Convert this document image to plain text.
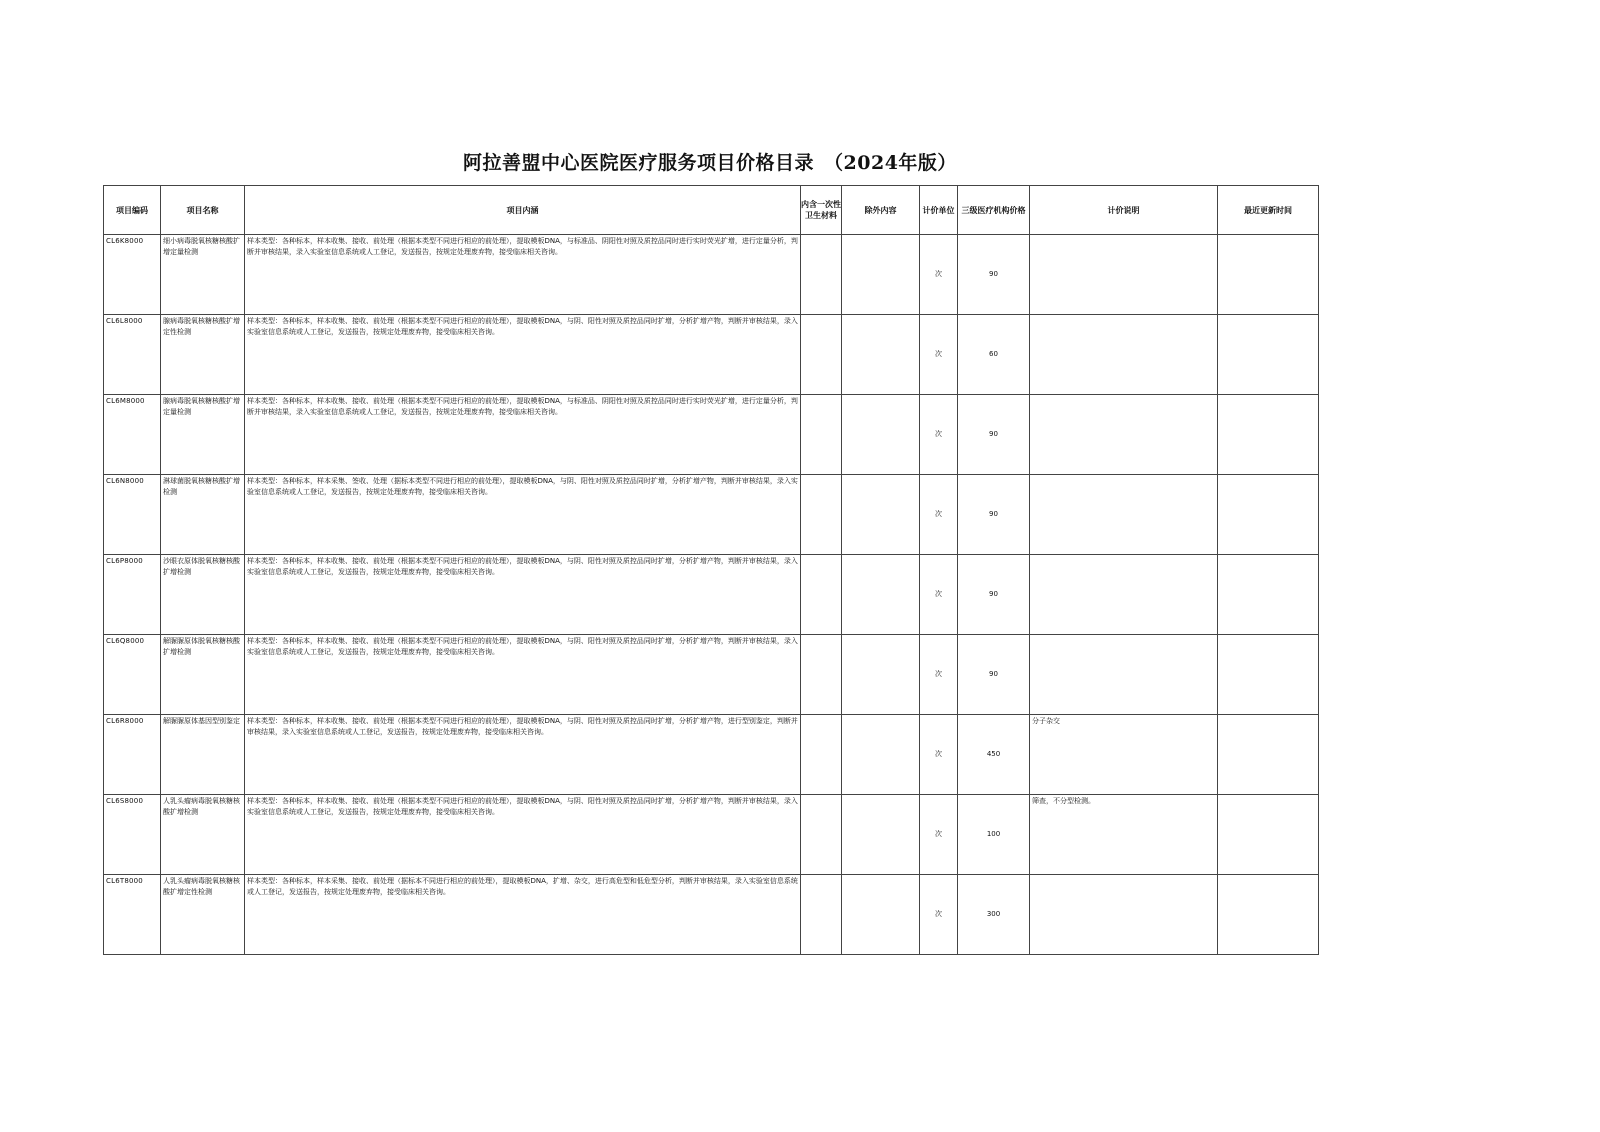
阿拉善盟中心医院医疗服务项目价格目录　（2024年版）
项目编码	项目名称	项目内涵	内含一次性卫生材料	除外内容	计价单位	三级医疗机构价格	计价说明	最近更新时间
CL6K8000	细小病毒脱氧核糖核酸扩增定量检测	样本类型：各种标本，样本收集、接收、前处理（根据本类型不同进行相应的前处理），提取模板DNA，与标准品、阴阳性对照及质控品同时进行实时荧光扩增，进行定量分析，判断并审核结果，录入实验室信息系统或人工登记，发送报告，按规定处理废弃物，接受临床相关咨询。			次	90		
CL6L8000	腺病毒脱氧核糖核酸扩增定性检测	样本类型：各种标本，样本收集、接收、前处理（根据本类型不同进行相应的前处理），提取模板DNA，与阴、阳性对照及质控品同时扩增，分析扩增产物，判断并审核结果，录入实验室信息系统或人工登记，发送报告，按规定处理废弃物，接受临床相关咨询。			次	60		
CL6M8000	腺病毒脱氧核糖核酸扩增定量检测	样本类型：各种标本，样本收集、接收、前处理（根据本类型不同进行相应的前处理），提取模板DNA，与标准品、阴阳性对照及质控品同时进行实时荧光扩增，进行定量分析，判断并审核结果，录入实验室信息系统或人工登记，发送报告，按规定处理废弃物，接受临床相关咨询。			次	90		
CL6N8000	淋球菌脱氧核糖核酸扩增检测	样本类型：各种标本，样本采集、签收、处理（据标本类型不同进行相应的前处理），提取模板DNA，与阴、阳性对照及质控品同时扩增，分析扩增产物，判断并审核结果，录入实验室信息系统或人工登记，发送报告，按规定处理废弃物，接受临床相关咨询。			次	90		
CL6P8000	沙眼衣原体脱氧核糖核酸扩增检测	样本类型：各种标本，样本收集、接收、前处理（根据本类型不同进行相应的前处理），提取模板DNA，与阴、阳性对照及质控品同时扩增，分析扩增产物，判断并审核结果，录入实验室信息系统或人工登记，发送报告，按规定处理废弃物，接受临床相关咨询。			次	90		
CL6Q8000	解脲脲原体脱氧核糖核酸扩增检测	样本类型：各种标本，样本收集、接收、前处理（根据本类型不同进行相应的前处理），提取模板DNA，与阴、阳性对照及质控品同时扩增，分析扩增产物，判断并审核结果，录入实验室信息系统或人工登记，发送报告，按规定处理废弃物，接受临床相关咨询。			次	90		
CL6R8000	解脲脲原体基因型别鉴定	样本类型：各种标本，样本收集、接收、前处理（根据本类型不同进行相应的前处理），提取模板DNA，与阴、阳性对照及质控品同时扩增，分析扩增产物，进行型别鉴定，判断并审核结果，录入实验室信息系统或人工登记，发送报告，按规定处理废弃物，接受临床相关咨询。			次	450	分子杂交	
CL6S8000	人乳头瘤病毒脱氧核糖核酸扩增检测	样本类型：各种标本，样本收集、接收、前处理（根据本类型不同进行相应的前处理），提取模板DNA，与阴、阳性对照及质控品同时扩增，分析扩增产物，判断并审核结果，录入实验室信息系统或人工登记，发送报告，按规定处理废弃物，接受临床相关咨询。			次	100	筛查，不分型检测。	
CL6T8000	人乳头瘤病毒脱氧核糖核酸扩增定性检测	样本类型：各种标本，样本采集、接收、前处理（据标本不同进行相应的前处理），提取模板DNA，扩增、杂交，进行高危型和低危型分析，判断并审核结果，录入实验室信息系统或人工登记，发送报告，按规定处理废弃物，接受临床相关咨询。			次	300		
